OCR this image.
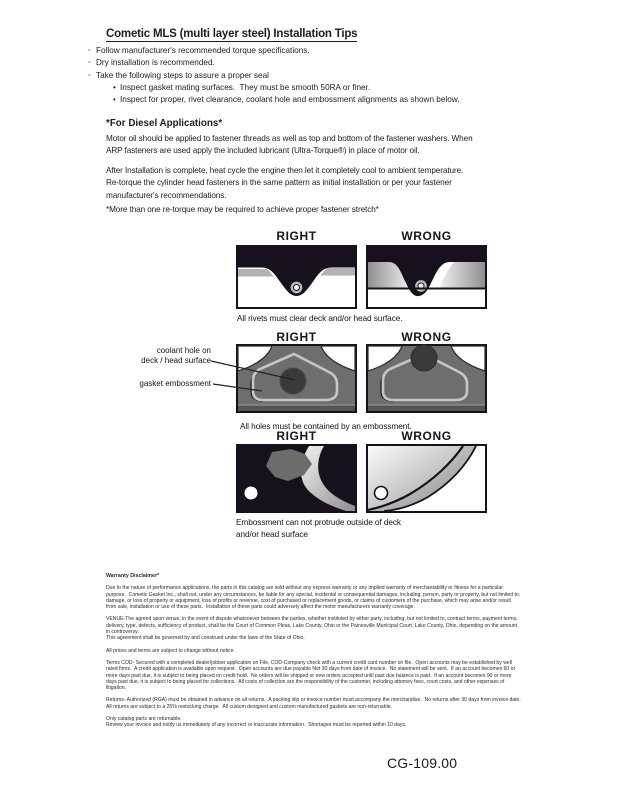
Cometic MLS (multi layer steel) Installation Tips
◦ Follow manufacturer's recommended torque specifications.
◦ Dry installation is recommended.
◦ Take the following steps to assure a proper seal
• Inspect gasket mating surfaces.  They must be smooth 50RA or finer.
• Inspect for proper, rivet clearance, coolant hole and embossment alignments as shown below.
*For Diesel Applications*
Motor oil should be applied to fastener threads as well as top and bottom of the fastener washers. When ARP fasteners are used apply the included lubricant (Ultra-Torque®) in place of motor oil.
After Installation is complete, heat cycle the engine then let it completely cool to ambient temperature. Re-torque the cylinder head fasteners in the same pattern as initial installation or per your fastener manufacturer's recommendations.
*More than one re-torque may be required to achieve proper fastener stretch*
RIGHT	WRONG
All rivets must clear deck and/or head surface.
RIGHT	WRONG
coolant hole on
deck / head surface
gasket embossment
All holes must be contained by an embossment.
RIGHT	WRONG
Embossment can not protrude outside of deck
and/or head surface

Warranty Disclaimer*

Due to the nature of performance applications, the parts in this catalog are sold without any express warranty or any implied warranty of merchantability or fitness for a particular purpose.  Cometic Gasket Inc., shall not, under any circumstances, be liable for any special, incidental or consequential damages, including, person, party or property, but not limited to, damage, or loss of property or equipment, loss of profits or revenue, cost of purchased or replacement goods, or claims of customers of the purchase, which may arise and/or result from sale, installation or use of these parts.  Installation of these parts could adversely affect the motor manufacturers warranty coverage.

VENUE-The agreed upon venue, in the event of dispute whatsoever between the parties, whether instituted by either party, including, but not limited to, contract terms, payment terms, delivery, type, defects, sufficiency of product, shall be the Court of Common Pleas, Lake County, Ohio or the Painesville Municipal Court, Lake County, Ohio, depending on the amount in controversy.

This agreement shall be governed by and construed under the laws of the State of Ohio.

All prices and terms are subject to change without notice.

Terms COD- Secured with a completed dealer/jobber application on File, COD-Company check with a current credit card number on file.  Open accounts may be established by well rated firms.  A credit application is available upon request.  Open accounts are due payable Net 30 days from date of invoice.  No statement will be sent.  If an account becomes 60 or more days past due, it is subject to being placed on credit hold.  No orders will be shipped or new orders accepted until past due balance is paid.  If an account becomes 90 or more days past due, it is subject to being placed for collections.  All costs of collection are the responsibility of the customer, including attorney fees, court costs, and other expenses of litigation.

Returns- Authorized (RGA) must be obtained in advance on all returns.  A packing slip or invoice number must accompany the merchandise.  No returns after 30 days from invoice date.  All returns are subject to a 25% restocking charge.  All custom designed and custom manufactured gaskets are non-returnable.

Only catalog parts are returnable.

Review your invoice and notify us immediately of any incorrect or inaccurate information.  Shortages must be reported within 10 days.

CG-109.00
